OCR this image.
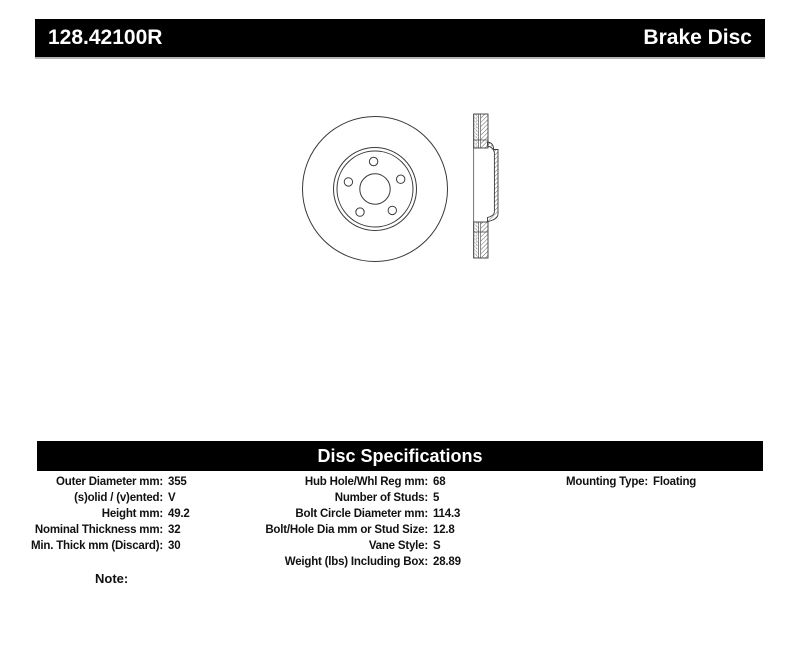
128.42100R	Brake Disc
Disc Specifications
Outer Diameter mm: 355
(s)olid / (v)ented: V
Height mm: 49.2
Nominal Thickness mm: 32
Min. Thick mm (Discard): 30
Hub Hole/Whl Reg mm: 68
Number of Studs: 5
Bolt Circle Diameter mm: 114.3
Bolt/Hole Dia mm or Stud Size: 12.8
Vane Style: S
Weight (lbs) Including Box: 28.89
Mounting Type: Floating
Note:
